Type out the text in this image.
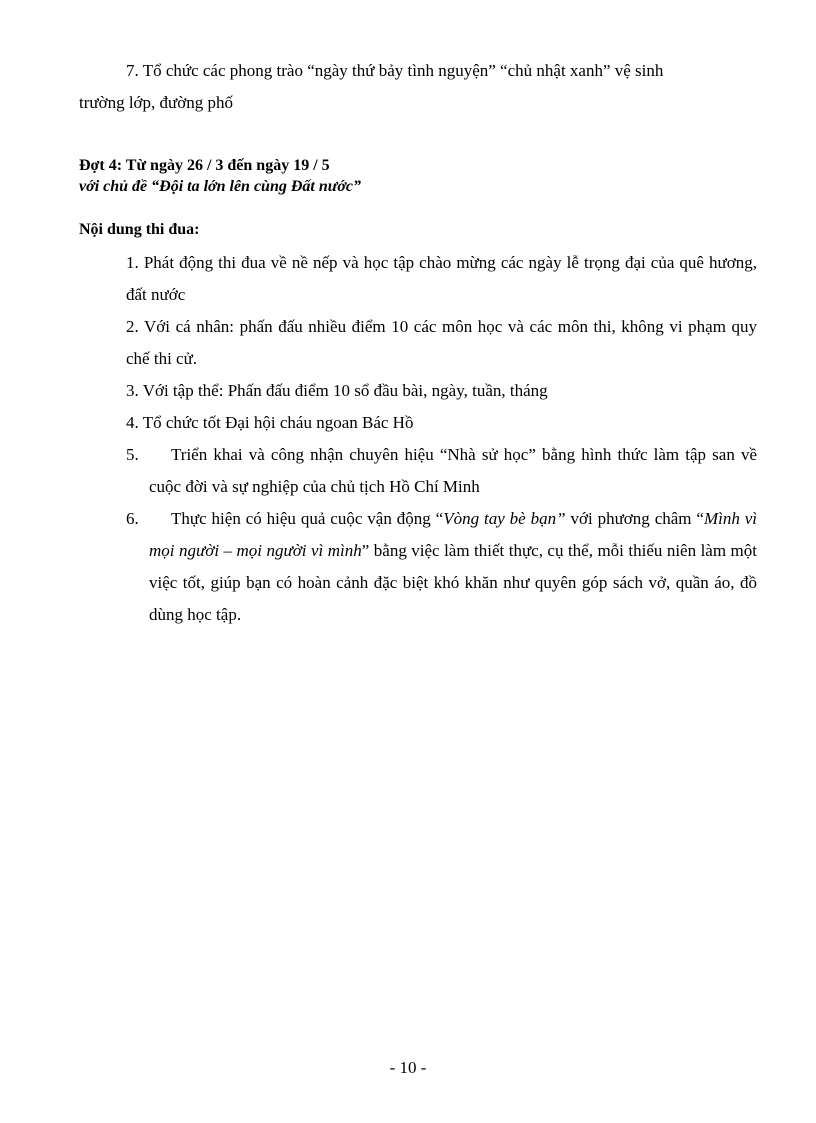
7. Tổ chức các phong trào “ngày thứ bảy tình nguyện” “chủ nhật xanh” vệ sinh
trường lớp, đường phố

Đợt 4: Từ ngày 26 / 3 đến ngày 19 / 5
với chủ đề “Đội ta lớn lên cùng Đất nước”
Nội dung thi đua:
1. Phát động thi đua về nề nếp và học tập chào mừng các ngày lễ trọng đại của quê hương, đất nước
2. Với cá nhân: phấn đấu nhiều điểm 10 các môn học và các môn thi, không vi phạm quy chế thi cử.
3. Với tập thể: Phấn đấu điểm 10 sổ đầu bài, ngày, tuần, tháng
4. Tổ chức tốt Đại hội cháu ngoan Bác Hồ
5.	Triển khai và công nhận chuyên hiệu “Nhà sử học” bằng hình thức làm tập san về cuộc đời và sự nghiệp của chủ tịch Hồ Chí Minh
6.	Thực hiện có hiệu quả cuộc vận động “Vòng tay bè bạn” với phương châm “Mình vì mọi người – mọi người vì mình” bằng việc làm thiết thực, cụ thể, mỗi thiếu niên làm một việc tốt, giúp bạn có hoàn cảnh đặc biệt khó khăn như quyên góp sách vở, quần áo, đồ dùng học tập.
- 10 -
